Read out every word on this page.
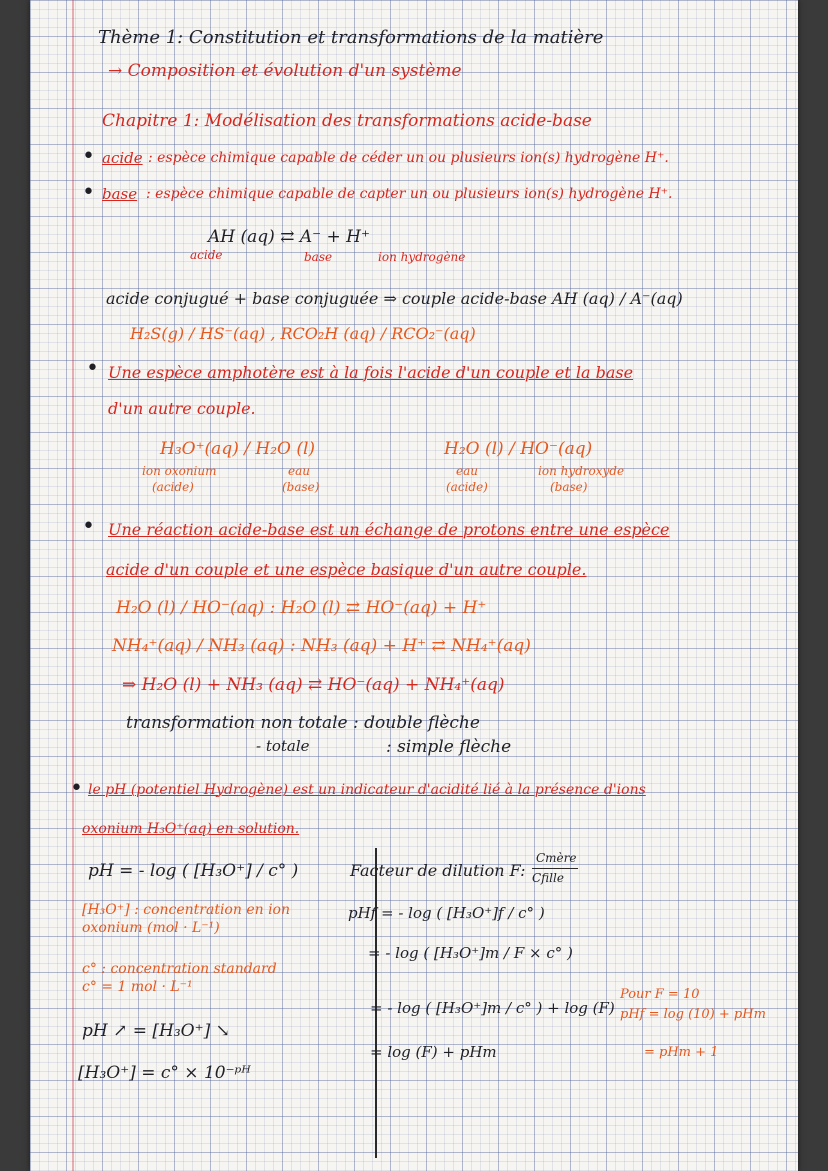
Thème 1: Constitution et transformations de la matière
→ Composition et évolution d'un système
Chapitre 1: Modélisation des transformations acide-base
• acide : espèce chimique capable de céder un ou plusieurs ion(s) hydrogène H⁺.
• base : espèce chimique capable de capter un ou plusieurs ion(s) hydrogène H⁺.
AH (aq) ⇄ A⁻ + H⁺
acide	base	ion hydrogène
acide conjugué + base conjuguée ⇒ couple acide-base AH (aq) / A⁻(aq)
H₂S(g) / HS⁻(aq) , RCO₂H (aq) / RCO₂⁻(aq)
• Une espèce amphotère est à la fois l'acide d'un couple et la base
d'un autre couple.
H₃O⁺(aq) / H₂O (l)
ion oxonium
(acide)
eau
(base)
H₂O (l) / HO⁻(aq)
eau
(acide)
ion hydroxyde
(base)
• Une réaction acide-base est un échange de protons entre une espèce
acide d'un couple et une espèce basique d'un autre couple.
H₂O (l) / HO⁻(aq) : H₂O (l) ⇄ HO⁻(aq) + H⁺
NH₄⁺(aq) / NH₃ (aq) : NH₃ (aq) + H⁺ ⇄ NH₄⁺(aq)
⇒ H₂O (l) + NH₃ (aq) ⇄ HO⁻(aq) + NH₄⁺(aq)
transformation non totale : double flèche
- totale	: simple flèche
• le pH (potentiel Hydrogène) est un indicateur d'acidité lié à la présence d'ions
oxonium H₃O⁺(aq) en solution.
pH = - log ( [H₃O⁺] / c° )
[H₃O⁺] : concentration en ion
oxonium (mol · L⁻¹)
c° : concentration standard
c° = 1 mol · L⁻¹
pH ↗ = [H₃O⁺] ↘
[H₃O⁺] = c° × 10⁻ᵖᴴ
Facteur de dilution F:
Cmère
Cfille
pHf = - log ( [H₃O⁺]f / c° )
= - log ( [H₃O⁺]m / F × c° )
= - log ( [H₃O⁺]m / c° ) + log (F)
= log (F) + pHm
Pour F = 10
pHf = log (10) + pHm
= pHm + 1
